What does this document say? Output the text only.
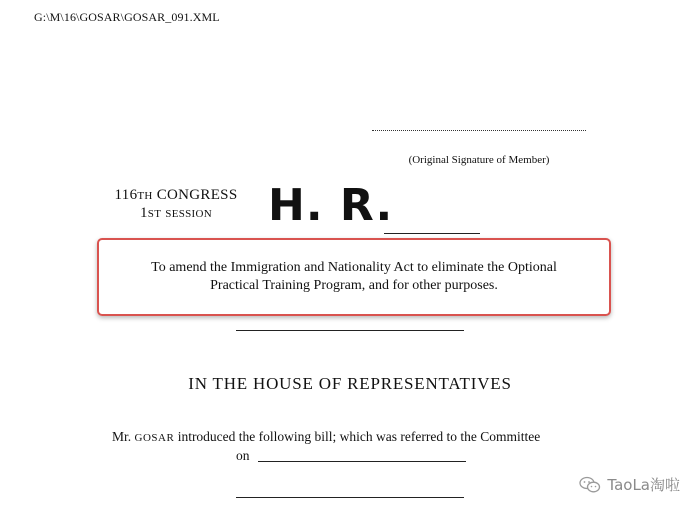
G:\M\16\GOSAR\GOSAR_091.XML
(Original Signature of Member)
116TH CONGRESS
1ST SESSION	H. R.
To amend the Immigration and Nationality Act to eliminate the Optional
Practical Training Program, and for other purposes.
IN THE HOUSE OF REPRESENTATIVES
Mr. GOSAR introduced the following bill; which was referred to the Committee
on
TaoLa淘啦
